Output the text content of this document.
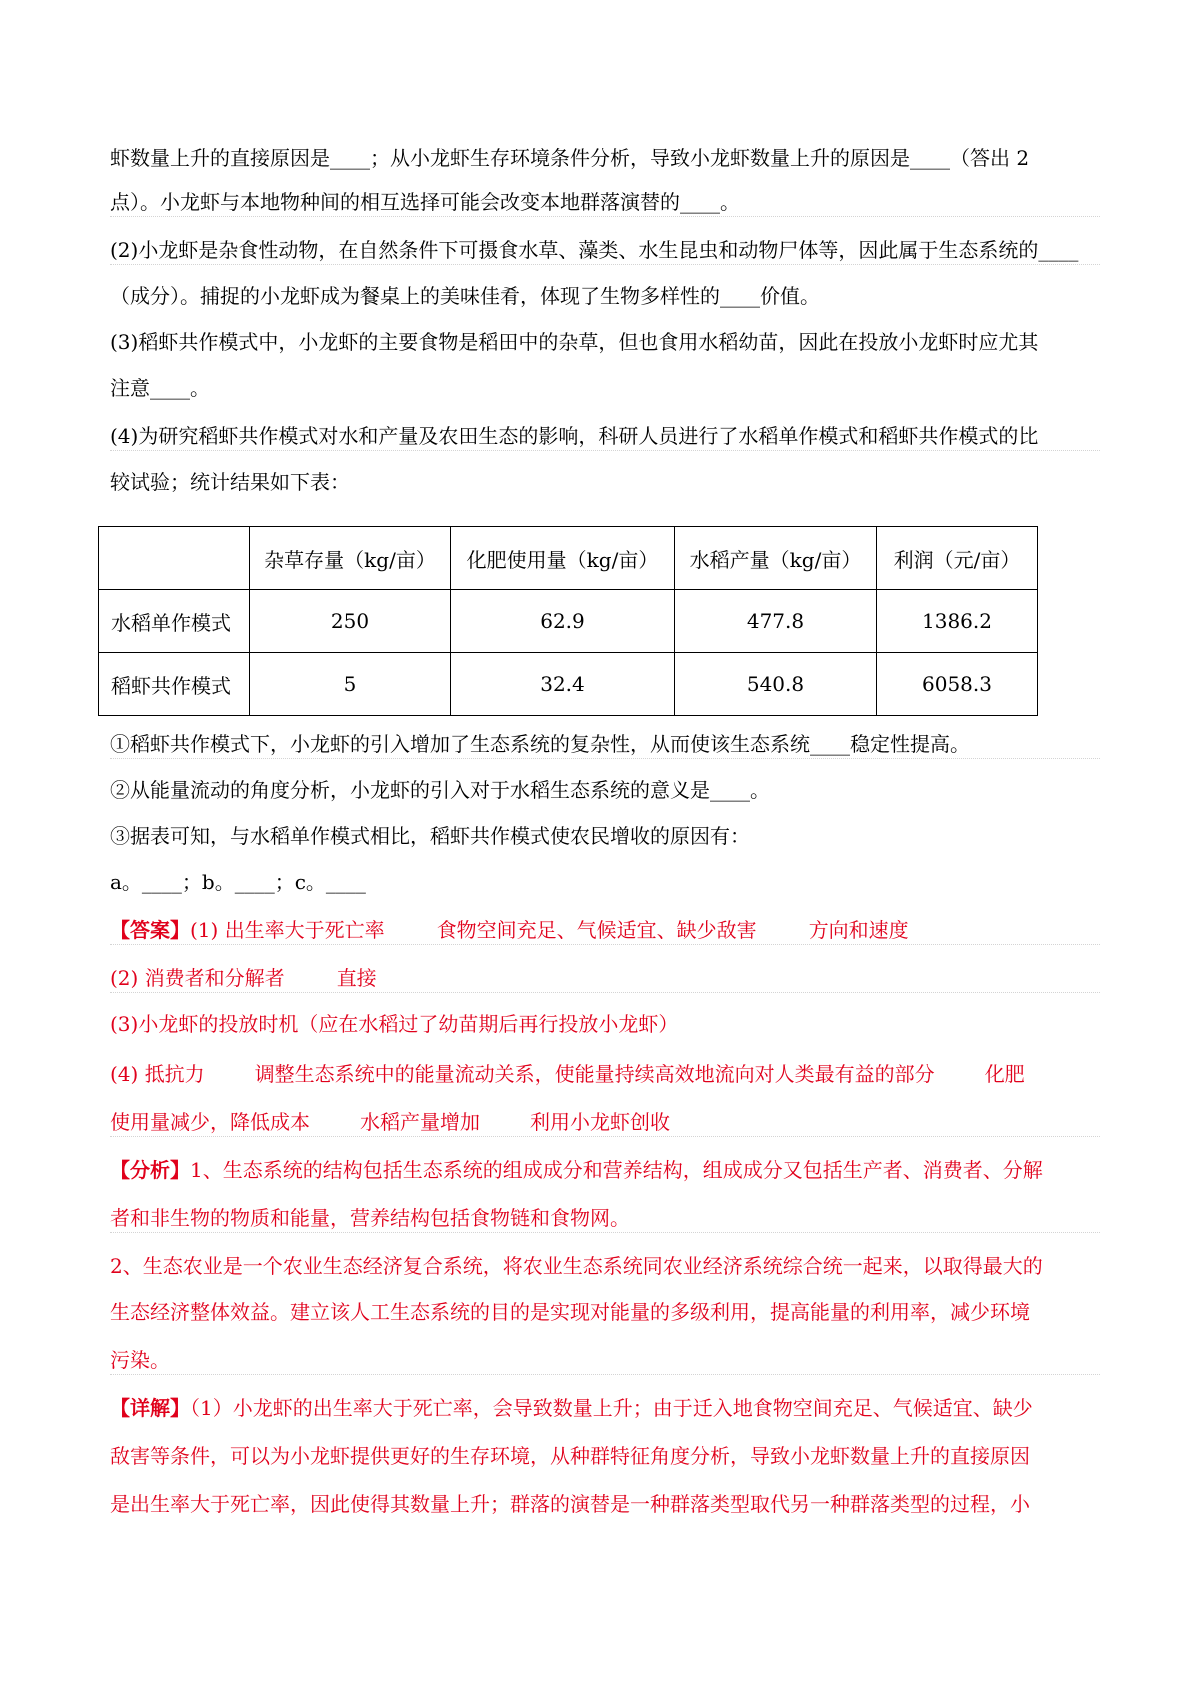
虾数量上升的直接原因是____；从小龙虾生存环境条件分析，导致小龙虾数量上升的原因是____（答出 2
点）。小龙虾与本地物种间的相互选择可能会改变本地群落演替的____。
(2)小龙虾是杂食性动物，在自然条件下可摄食水草、藻类、水生昆虫和动物尸体等，因此属于生态系统的____
（成分）。捕捉的小龙虾成为餐桌上的美味佳肴，体现了生物多样性的____价值。
(3)稻虾共作模式中，小龙虾的主要食物是稻田中的杂草，但也食用水稻幼苗，因此在投放小龙虾时应尤其
注意____。
(4)为研究稻虾共作模式对水和产量及农田生态的影响，科研人员进行了水稻单作模式和稻虾共作模式的比
较试验；统计结果如下表：
	杂草存量（kg/亩）	化肥使用量（kg/亩）	水稻产量（kg/亩）	利润（元/亩）
水稻单作模式	250	62.9	477.8	1386.2
稻虾共作模式	5	32.4	540.8	6058.3
①稻虾共作模式下，小龙虾的引入增加了生态系统的复杂性，从而使该生态系统____稳定性提高。
②从能量流动的角度分析，小龙虾的引入对于水稻生态系统的意义是____。
③据表可知，与水稻单作模式相比，稻虾共作模式使农民增收的原因有：
a。____；b。____；c。____
【答案】(1) 出生率大于死亡率	食物空间充足、气候适宜、缺少敌害	方向和速度
(2) 消费者和分解者	直接
(3)小龙虾的投放时机（应在水稻过了幼苗期后再行投放小龙虾）
(4) 抵抗力	调整生态系统中的能量流动关系，使能量持续高效地流向对人类最有益的部分	化肥
使用量减少，降低成本	水稻产量增加	利用小龙虾创收
【分析】1、生态系统的结构包括生态系统的组成成分和营养结构，组成成分又包括生产者、消费者、分解
者和非生物的物质和能量，营养结构包括食物链和食物网。
2、生态农业是一个农业生态经济复合系统，将农业生态系统同农业经济系统综合统一起来，以取得最大的
生态经济整体效益。建立该人工生态系统的目的是实现对能量的多级利用，提高能量的利用率，减少环境
污染。
【详解】（1）小龙虾的出生率大于死亡率，会导致数量上升；由于迁入地食物空间充足、气候适宜、缺少
敌害等条件，可以为小龙虾提供更好的生存环境，从种群特征角度分析，导致小龙虾数量上升的直接原因
是出生率大于死亡率，因此使得其数量上升；群落的演替是一种群落类型取代另一种群落类型的过程，小
